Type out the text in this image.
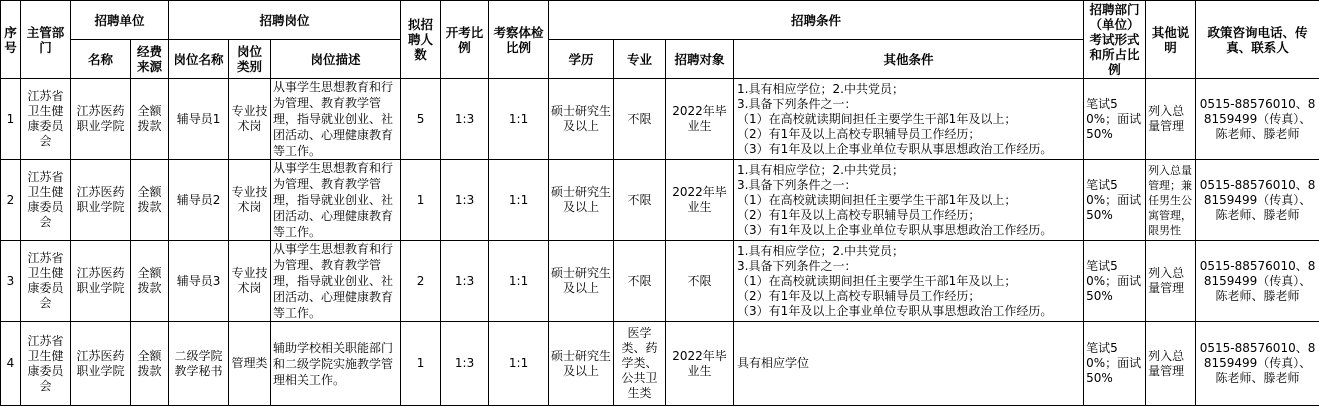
序号	主管部门	招聘单位		招聘岗位			拟招聘人数	开考比例	考察体检比例	招聘条件				招聘部门（单位）考试形式和所占比例	其他说明	政策咨询电话、传真、联系人
		名称	经费来源	岗位名称	岗位类别	岗位描述				学历	专业	招聘对象	其他条件			
1	江苏省卫生健康委员会	江苏医药职业学院	全额拨款	辅导员1	专业技术岗	从事学生思想教育和行为管理、教育教学管理，指导就业创业、社团活动、心理健康教育等工作。	5	1:3	1:1	硕士研究生及以上	不限	2022年毕业生	1.具有相应学位；2.中共党员；
3.具备下列条件之一：
（1）在高校就读期间担任主要学生干部1年及以上；
（2）有1年及以上高校专职辅导员工作经历；
（3）有1年及以上企事业单位专职从事思想政治工作经历。	笔试50%；面试50%	列入总量管理	0515-88576010、88159499（传真）、陈老师、滕老师
2	江苏省卫生健康委员会	江苏医药职业学院	全额拨款	辅导员2	专业技术岗	从事学生思想教育和行为管理、教育教学管理，指导就业创业、社团活动、心理健康教育等工作。	1	1:3	1:1	硕士研究生及以上	不限	2022年毕业生	1.具有相应学位；2.中共党员；
3.具备下列条件之一：
（1）在高校就读期间担任主要学生干部1年及以上；
（2）有1年及以上高校专职辅导员工作经历；
（3）有1年及以上企事业单位专职从事思想政治工作经历。	笔试50%；面试50%	列入总量管理；兼任男生公寓管理，限男性	0515-88576010、88159499（传真）、陈老师、滕老师
3	江苏省卫生健康委员会	江苏医药职业学院	全额拨款	辅导员3	专业技术岗	从事学生思想教育和行为管理、教育教学管理，指导就业创业、社团活动、心理健康教育等工作。	2	1:3	1:1	硕士研究生及以上	不限	不限	1.具有相应学位；2.中共党员；
3.具备下列条件之一：
（1）在高校就读期间担任主要学生干部1年及以上；
（2）有1年及以上高校专职辅导员工作经历；
（3）有1年及以上企事业单位专职从事思想政治工作经历。	笔试50%；面试50%	列入总量管理	0515-88576010、88159499（传真）、陈老师、滕老师
4	江苏省卫生健康委员会	江苏医药职业学院	全额拨款	二级学院教学秘书	管理类	辅助学校相关职能部门和二级学院实施教学管理相关工作。	1	1:3	1:1	硕士研究生及以上	医学类、药学类、公共卫生类	2022年毕业生	具有相应学位	笔试50%；面试50%	列入总量管理	0515-88576010、88159499（传真）、陈老师、滕老师
